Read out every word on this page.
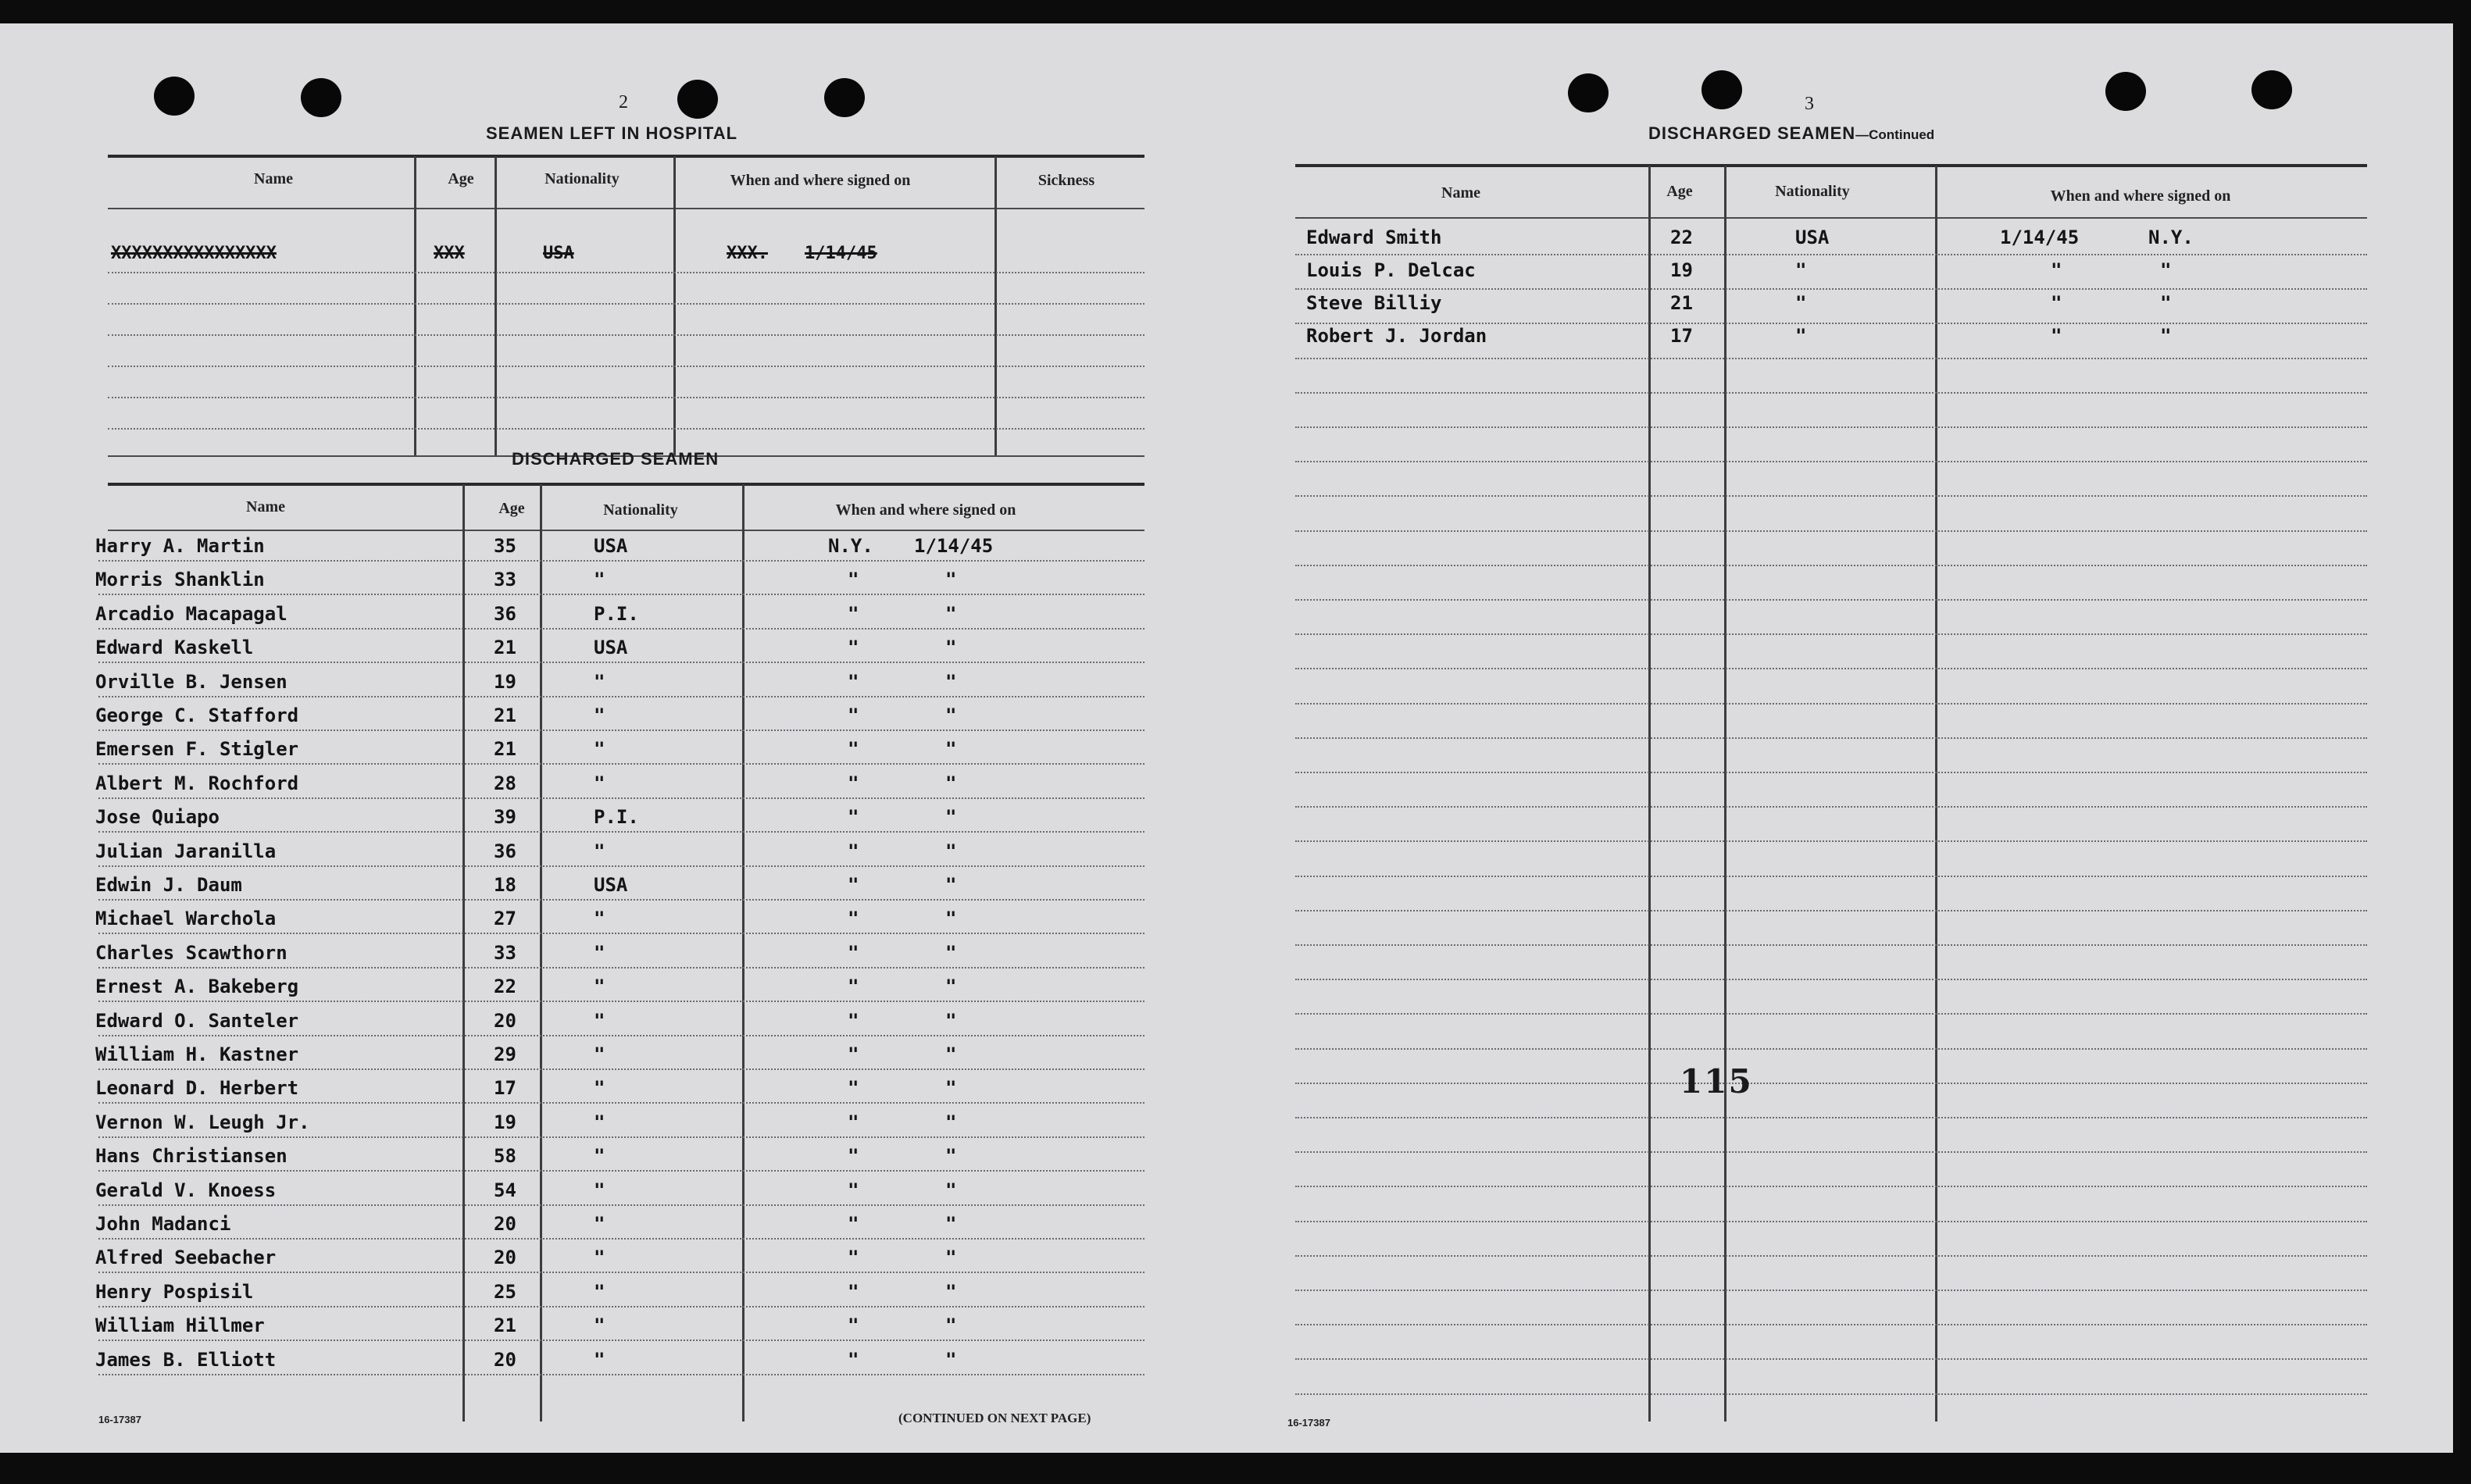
2
SEAMEN LEFT IN HOSPITAL
Name	Age	Nationality	When and where signed on	Sickness
XXXXXXXXXXXXXXXX	XXX	USA	XXX. 1/14/45
DISCHARGED SEAMEN
Name	Age	Nationality	When and where signed on
Harry A. Martin	35	USA	N.Y. 1/14/45
Morris Shanklin	33	"	"	"
Arcadio Macapagal	36	P.I.	"	"
Edward Kaskell	21	USA	"	"
Orville B. Jensen	19	"	"	"
George C. Stafford	21	"	"	"
Emersen F. Stigler	21	"	"	"
Albert M. Rochford	28	"	"	"
Jose Quiapo	39	P.I.	"	"
Julian Jaranilla	36	"	"	"
Edwin J. Daum	18	USA	"	"
Michael Warchola	27	"	"	"
Charles Scawthorn	33	"	"	"
Ernest A. Bakeberg	22	"	"	"
Edward O. Santeler	20	"	"	"
William H. Kastner	29	"	"	"
Leonard D. Herbert	17	"	"	"
Vernon W. Leugh Jr.	19	"	"	"
Hans Christiansen	58	"	"	"
Gerald V. Knoess	54	"	"	"
John Madanci	20	"	"	"
Alfred Seebacher	20	"	"	"
Henry Pospisil	25	"	"	"
William Hillmer	21	"	"	"
James B. Elliott	20	"	"	"
16-17387	(CONTINUED ON NEXT PAGE)
3
DISCHARGED SEAMEN—Continued
Name	Age	Nationality	When and where signed on
Edward Smith	22	USA	1/14/45	N.Y.
Louis P. Delcac	19	"	"	"
Steve Billiy	21	"	"	"
Robert J. Jordan	17	"	"	"
115
16-17387
